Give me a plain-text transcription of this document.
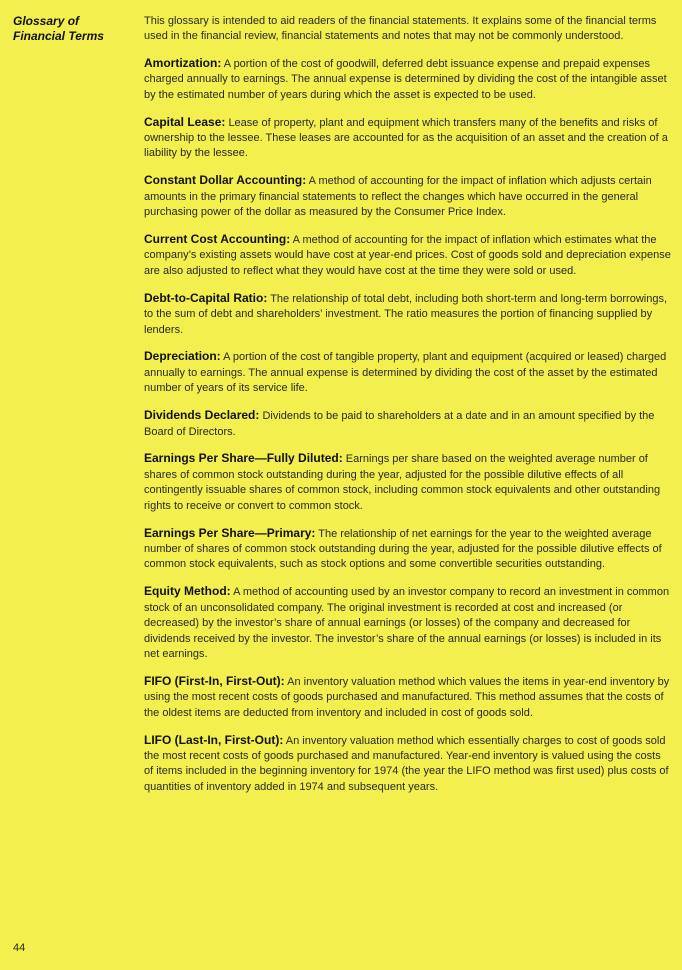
Glossary of Financial Terms

This glossary is intended to aid readers of the financial statements. It explains some of the financial terms used in the financial review, financial statements and notes that may not be commonly understood.

Amortization: A portion of the cost of goodwill, deferred debt issuance expense and prepaid expenses charged annually to earnings. The annual expense is determined by dividing the cost of the intangible asset by the estimated number of years during which the asset is expected to be used.

Capital Lease: Lease of property, plant and equipment which transfers many of the benefits and risks of ownership to the lessee. These leases are accounted for as the acquisition of an asset and the creation of a liability by the lessee.

Constant Dollar Accounting: A method of accounting for the impact of inflation which adjusts certain amounts in the primary financial statements to reflect the changes which have occurred in the general purchasing power of the dollar as measured by the Consumer Price Index.

Current Cost Accounting: A method of accounting for the impact of inflation which estimates what the company’s existing assets would have cost at year-end prices. Cost of goods sold and depreciation expense are also adjusted to reflect what they would have cost at the time they were sold or used.

Debt-to-Capital Ratio: The relationship of total debt, including both short-term and long-term borrowings, to the sum of debt and shareholders’ investment. The ratio measures the portion of financing supplied by lenders.

Depreciation: A portion of the cost of tangible property, plant and equipment (acquired or leased) charged annually to earnings. The annual expense is determined by dividing the cost of the asset by the estimated number of years of its service life.

Dividends Declared: Dividends to be paid to shareholders at a date and in an amount specified by the Board of Directors.

Earnings Per Share—Fully Diluted: Earnings per share based on the weighted average number of shares of common stock outstanding during the year, adjusted for the possible dilutive effects of all contingently issuable shares of common stock, including common stock equivalents and other outstanding rights to receive or convert to common stock.

Earnings Per Share—Primary: The relationship of net earnings for the year to the weighted average number of shares of common stock outstanding during the year, adjusted for the possible dilutive effects of common stock equivalents, such as stock options and some convertible securities outstanding.

Equity Method: A method of accounting used by an investor company to record an investment in common stock of an unconsolidated company. The original investment is recorded at cost and increased (or decreased) by the investor’s share of annual earnings (or losses) of the company and decreased for dividends received by the investor. The investor’s share of the annual earnings (or losses) is included in its net earnings.

FIFO (First-In, First-Out): An inventory valuation method which values the items in year-end inventory by using the most recent costs of goods purchased and manufactured. This method assumes that the costs of the oldest items are deducted from inventory and included in cost of goods sold.

LIFO (Last-In, First-Out): An inventory valuation method which essentially charges to cost of goods sold the most recent costs of goods purchased and manufactured. Year-end inventory is valued using the costs of items included in the beginning inventory for 1974 (the year the LIFO method was first used) plus costs of quantities of inventory added in 1974 and subsequent years.

44
